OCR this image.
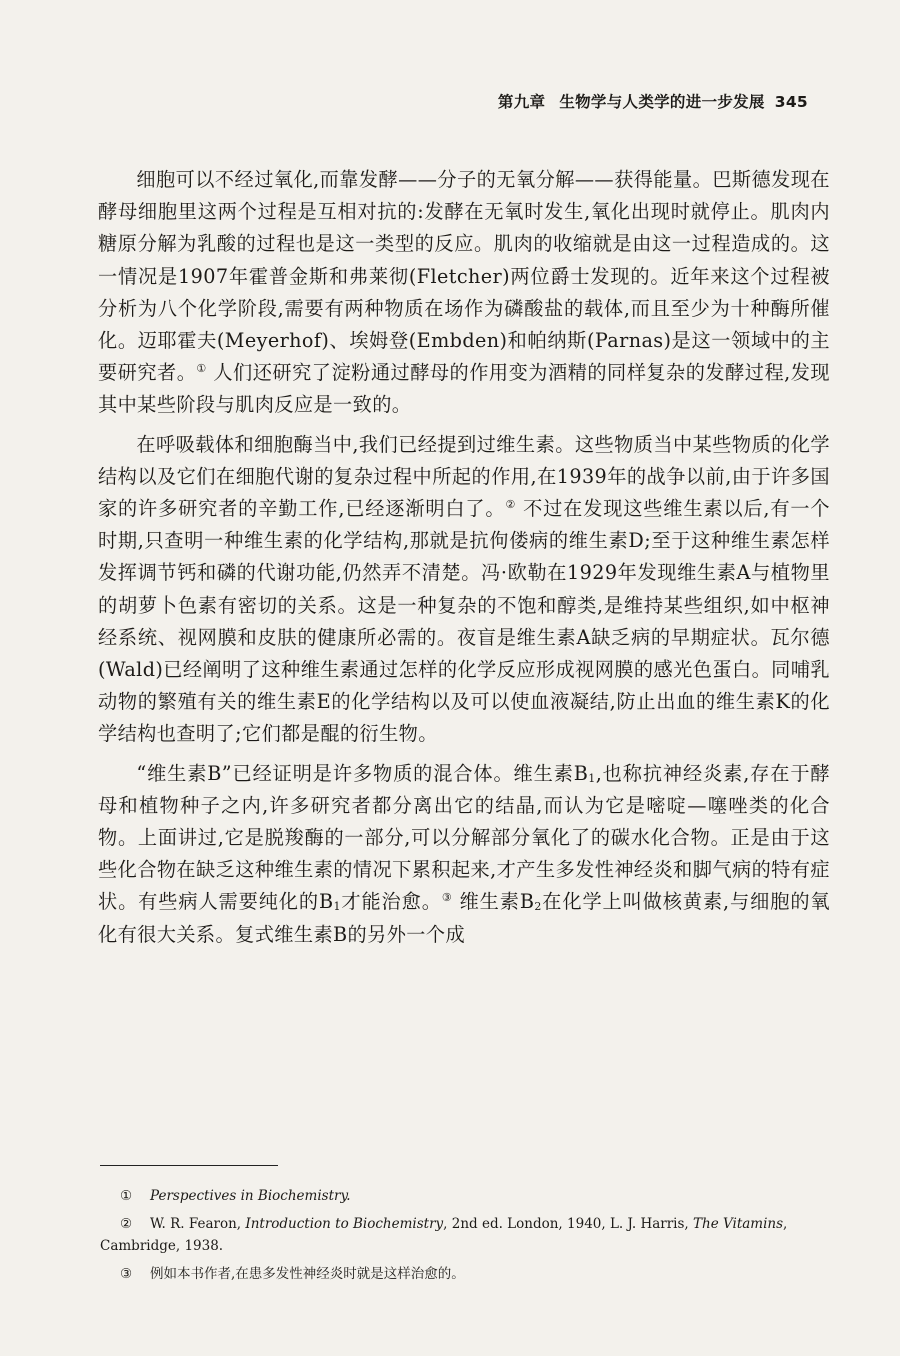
第九章 生物学与人类学的进一步发展 345

细胞可以不经过氧化,而靠发酵——分子的无氧分解——获得能量。巴斯德发现在酵母细胞里这两个过程是互相对抗的:发酵在无氧时发生,氧化出现时就停止。肌肉内糖原分解为乳酸的过程也是这一类型的反应。肌肉的收缩就是由这一过程造成的。这一情况是1907年霍普金斯和弗莱彻(Fletcher)两位爵士发现的。近年来这个过程被分析为八个化学阶段,需要有两种物质在场作为磷酸盐的载体,而且至少为十种酶所催化。迈耶霍夫(Meyerhof)、埃姆登(Embden)和帕纳斯(Parnas)是这一领域中的主要研究者。① 人们还研究了淀粉通过酵母的作用变为酒精的同样复杂的发酵过程,发现其中某些阶段与肌肉反应是一致的。

在呼吸载体和细胞酶当中,我们已经提到过维生素。这些物质当中某些物质的化学结构以及它们在细胞代谢的复杂过程中所起的作用,在1939年的战争以前,由于许多国家的许多研究者的辛勤工作,已经逐渐明白了。② 不过在发现这些维生素以后,有一个时期,只查明一种维生素的化学结构,那就是抗佝偻病的维生素D;至于这种维生素怎样发挥调节钙和磷的代谢功能,仍然弄不清楚。冯·欧勒在1929年发现维生素A与植物里的胡萝卜色素有密切的关系。这是一种复杂的不饱和醇类,是维持某些组织,如中枢神经系统、视网膜和皮肤的健康所必需的。夜盲是维生素A缺乏病的早期症状。瓦尔德(Wald)已经阐明了这种维生素通过怎样的化学反应形成视网膜的感光色蛋白。同哺乳动物的繁殖有关的维生素E的化学结构以及可以使血液凝结,防止出血的维生素K的化学结构也查明了;它们都是醌的衍生物。

“维生素B”已经证明是许多物质的混合体。维生素$B_1$,也称抗神经炎素,存在于酵母和植物种子之内,许多研究者都分离出它的结晶,而认为它是嘧啶—噻唑类的化合物。上面讲过,它是脱羧酶的一部分,可以分解部分氧化了的碳水化合物。正是由于这些化合物在缺乏这种维生素的情况下累积起来,才产生多发性神经炎和脚气病的特有症状。有些病人需要纯化的$B_1$才能治愈。③ 维生素$B_2$在化学上叫做核黄素,与细胞的氧化有很大关系。复式维生素B的另外一个成

① Perspectives in Biochemistry.
② W. R. Fearon, Introduction to Biochemistry, 2nd ed. London, 1940, L. J. Harris, The Vitamins,
Cambridge, 1938.
③ 例如本书作者,在患多发性神经炎时就是这样治愈的。
